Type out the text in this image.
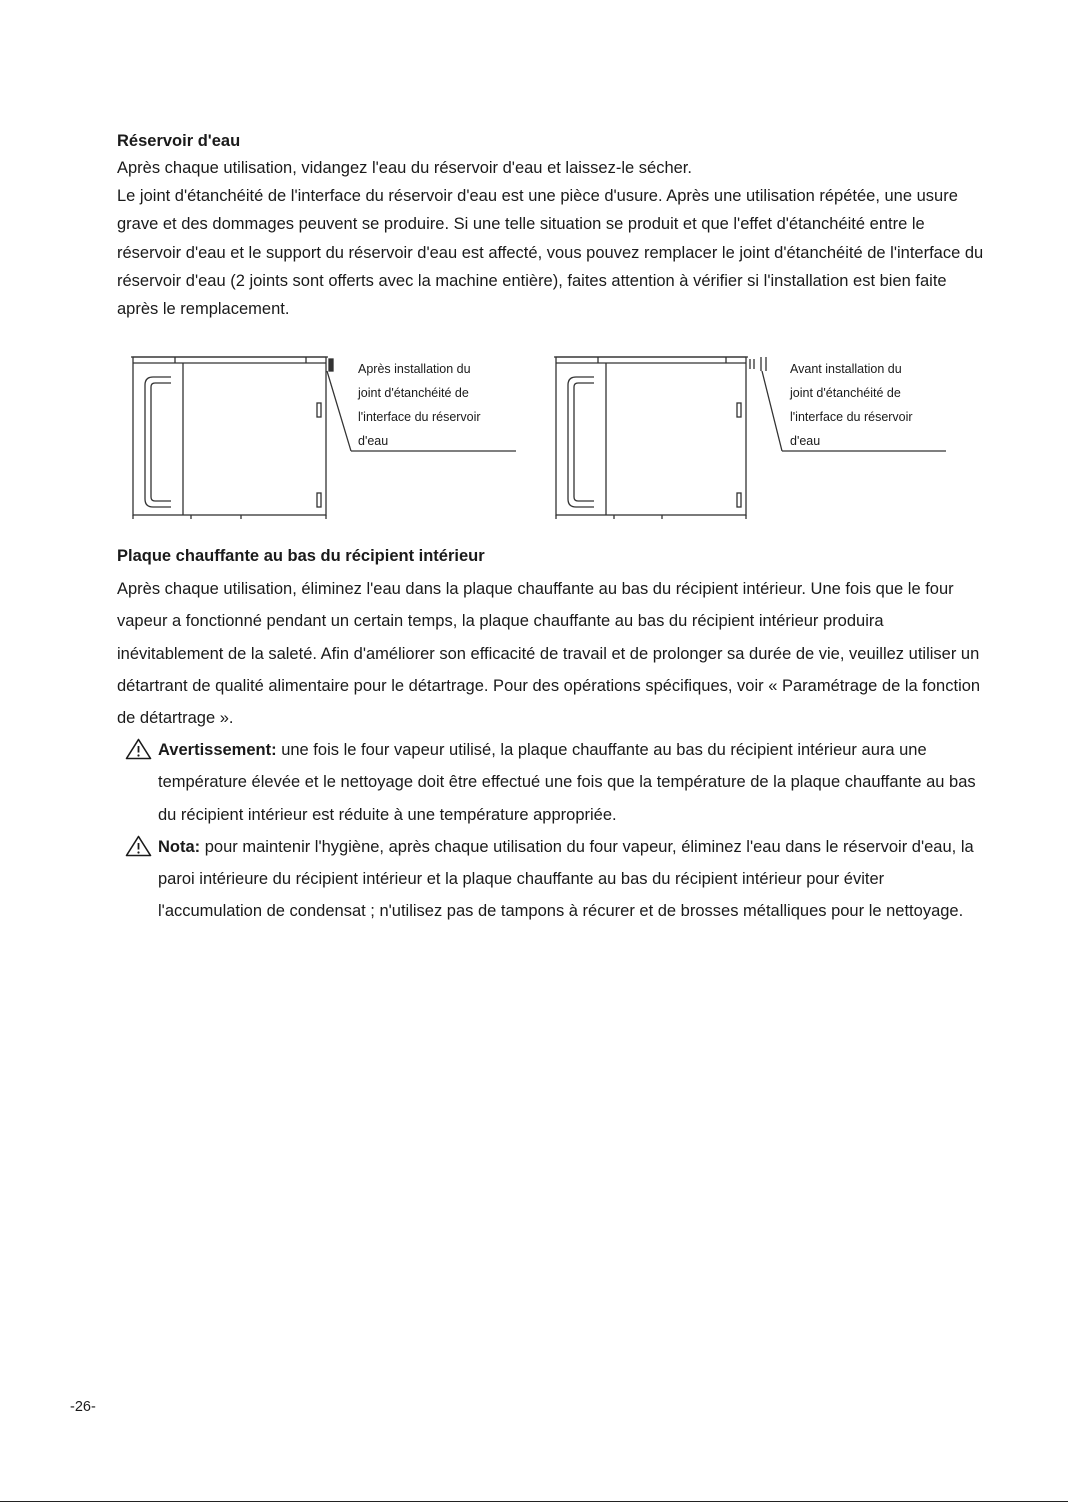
Réservoir d'eau

Après chaque utilisation, vidangez l'eau du réservoir d'eau et laissez-le sécher.

Le joint d'étanchéité de l'interface du réservoir d'eau est une pièce d'usure. Après une utilisation répétée, une usure grave et des dommages peuvent se produire. Si une telle situation se produit et que l'effet d'étanchéité entre le réservoir d'eau et le support du réservoir d'eau est affecté, vous pouvez remplacer le joint d'étanchéité de l'interface du réservoir d'eau (2 joints sont offerts avec la machine entière), faites attention à vérifier si l'installation est bien faite après le remplacement.

Après installation du
joint d'étanchéité de
l'interface du réservoir
d'eau
Avant installation du
joint d'étanchéité de
l'interface du réservoir
d'eau
Plaque chauffante au bas du récipient intérieur

Après chaque utilisation, éliminez l'eau dans la plaque chauffante au bas du récipient intérieur. Une fois que le four vapeur a fonctionné pendant un certain temps, la plaque chauffante au bas du récipient intérieur produira inévitablement de la saleté. Afin d'améliorer son efficacité de travail et de prolonger sa durée de vie, veuillez utiliser un détartrant de qualité alimentaire pour le détartrage. Pour des opérations spécifiques, voir « Paramétrage de la fonction de détartrage ».

Avertissement: une fois le four vapeur utilisé, la plaque chauffante au bas du récipient intérieur aura une température élevée et le nettoyage doit être effectué une fois que la température de la plaque chauffante au bas du récipient intérieur est réduite à une température appropriée.

Nota: pour maintenir l'hygiène, après chaque utilisation du four vapeur, éliminez l'eau dans le réservoir d'eau, la paroi intérieure du récipient intérieur et la plaque chauffante au bas du récipient intérieur pour éviter l'accumulation de condensat ; n'utilisez pas de tampons à récurer et de brosses métalliques pour le nettoyage.

-26-
